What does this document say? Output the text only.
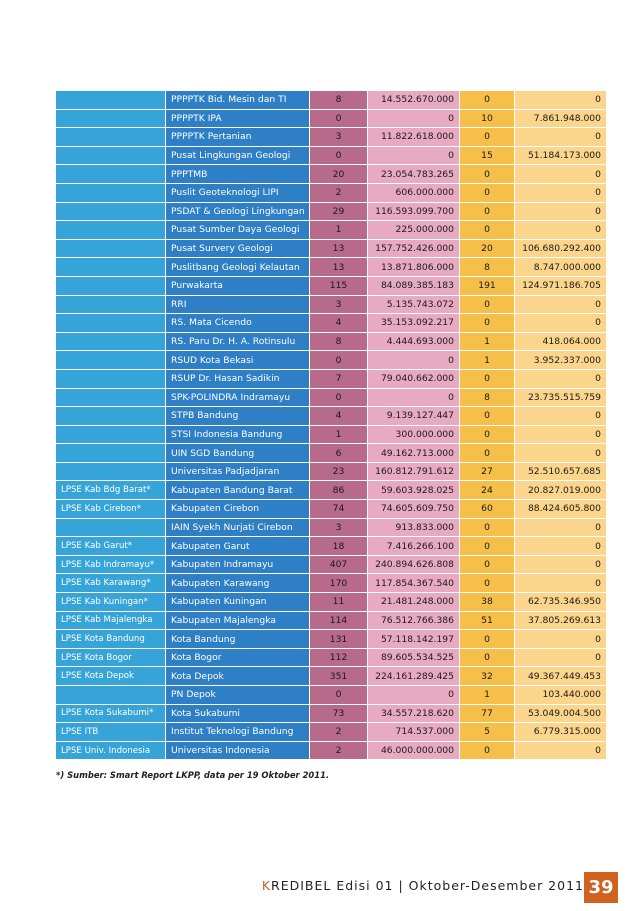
	PPPPTK Bid. Mesin dan TI	8	14.552.670.000	0	0
	PPPPTK IPA	0	0	10	7.861.948.000
	PPPPTK Pertanian	3	11.822.618.000	0	0
	Pusat Lingkungan Geologi	0	0	15	51.184.173.000
	PPPTMB	20	23.054.783.265	0	0
	Puslit Geoteknologi LIPI	2	606.000.000	0	0
	PSDAT & Geologi Lingkungan	29	116.593.099.700	0	0
	Pusat Sumber Daya Geologi	1	225.000.000	0	0
	Pusat Survery Geologi	13	157.752.426.000	20	106.680.292.400
	Puslitbang Geologi Kelautan	13	13.871.806.000	8	8.747.000.000
	Purwakarta	115	84.089.385.183	191	124.971.186.705
	RRI	3	5.135.743.072	0	0
	RS. Mata Cicendo	4	35.153.092.217	0	0
	RS. Paru Dr. H. A. Rotinsulu	8	4.444.693.000	1	418.064.000
	RSUD Kota Bekasi	0	0	1	3.952.337.000
	RSUP Dr. Hasan Sadikin	7	79.040.662.000	0	0
	SPK-POLINDRA Indramayu	0	0	8	23.735.515.759
	STPB Bandung	4	9.139.127.447	0	0
	STSI Indonesia Bandung	1	300.000.000	0	0
	UIN SGD Bandung	6	49.162.713.000	0	0
	Universitas Padjadjaran	23	160.812.791.612	27	52.510.657.685
LPSE Kab Bdg Barat*	Kabupaten Bandung Barat	86	59.603.928.025	24	20.827.019.000
LPSE Kab Cirebon*	Kabupaten Cirebon	74	74.605.609.750	60	88.424.605.800
	IAIN Syekh Nurjati Cirebon	3	913.833.000	0	0
LPSE Kab Garut*	Kabupaten Garut	18	7.416.266.100	0	0
LPSE Kab Indramayu*	Kabupaten Indramayu	407	240.894.626.808	0	0
LPSE Kab Karawang*	Kabupaten Karawang	170	117.854.367.540	0	0
LPSE Kab Kuningan*	Kabupaten Kuningan	11	21.481.248.000	38	62.735.346.950
LPSE Kab Majalengka	Kabupaten Majalengka	114	76.512.766.386	51	37.805.269.613
LPSE Kota Bandung	Kota Bandung	131	57.118.142.197	0	0
LPSE Kota Bogor	Kota Bogor	112	89.605.534.525	0	0
LPSE Kota Depok	Kota Depok	351	224.161.289.425	32	49.367.449.453
	PN Depok	0	0	1	103.440.000
LPSE Kota Sukabumi*	Kota Sukabumi	73	34.557.218.620	77	53.049.004.500
LPSE ITB	Institut Teknologi Bandung	2	714.537.000	5	6.779.315.000
LPSE Univ. Indonesia	Universitas Indonesia	2	46.000.000.000	0	0
*) Sumber: Smart Report LKPP, data per 19 Oktober 2011.
KREDIBEL Edisi 01 | Oktober-Desember 2011 39
